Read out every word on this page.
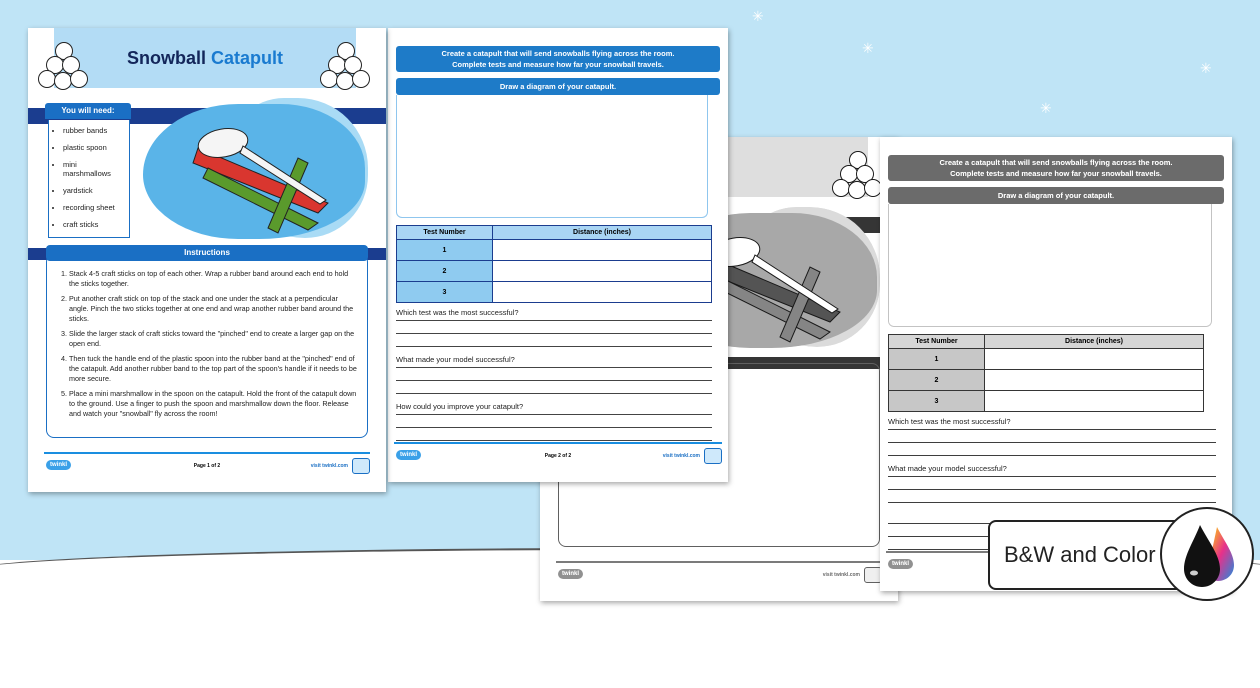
✳
✳
✳
✳
Snowball Catapult
You will need:
• rubber bands
• plastic spoon
• mini marshmallows
• yardstick
• recording sheet
• craft sticks
1. Stack 4-5 craft sticks on top of each other. Wrap a rubber band around each end to hold the sticks together.
2. Put another craft stick on top of the stack and one under the stack at a perpendicular angle. Pinch the two sticks together at one end and wrap another rubber band around the sticks.
3. Slide the larger stack of craft sticks toward the "pinched" end to create a larger gap on the open end.
4. Then tuck the handle end of the plastic spoon into the rubber band at the "pinched" end of the catapult. Add another rubber band to the top part of the spoon's handle if it needs to be more secure.
5. Place a mini marshmallow in the spoon on the catapult. Hold the front of the catapult down to the ground. Use a finger to push the spoon and marshmallow down the floor. Release and watch your "snowball" fly across the room!
Instructions
twinkl	Page 1 of 2	visit twinkl.com
Create a catapult that will send snowballs flying across the room.
Complete tests and measure how far your snowball travels.
Draw a diagram of your catapult.
Test Number	Distance (inches)
1	
2	
3	
Which test was the most successful?
What made your model successful?
How could you improve your catapult?
twinkl	Page 2 of 2	visit twinkl.com
twinkl	visit twinkl.com
Create a catapult that will send snowballs flying across the room.
Complete tests and measure how far your snowball travels.
Draw a diagram of your catapult.
Test Number	Distance (inches)
1	
2	
3	
Which test was the most successful?
What made your model successful?
twinkl	B&W and Color
